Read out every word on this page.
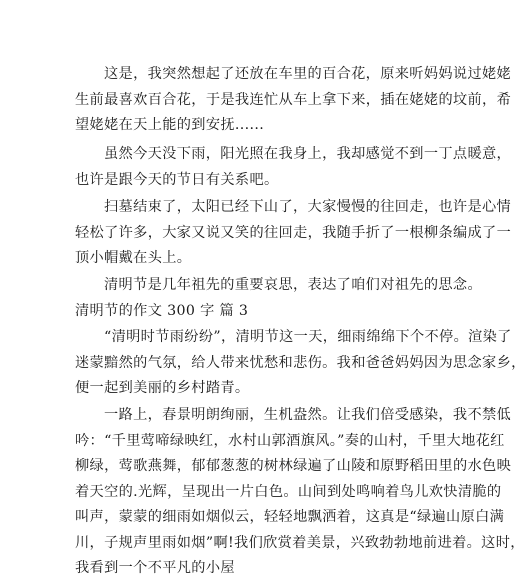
这是，我突然想起了还放在车里的百合花，原来听妈妈说过姥姥
生前最喜欢百合花，于是我连忙从车上拿下来，插在姥姥的坟前，希
望姥姥在天上能的到安抚......

虽然今天没下雨，阳光照在我身上，我却感觉不到一丁点暖意，
也许是跟今天的节日有关系吧。

扫墓结束了，太阳已经下山了，大家慢慢的往回走，也许是心情
轻松了许多，大家又说又笑的往回走，我随手折了一根柳条编成了一
顶小帽戴在头上。

清明节是几年祖先的重要哀思，表达了咱们对祖先的思念。

清明节的作文 300 字 篇 3

“清明时节雨纷纷”，清明节这一天，细雨绵绵下个不停。渲染了
迷蒙黯然的气氛，给人带来忧愁和悲伤。我和爸爸妈妈因为思念家乡，
便一起到美丽的乡村踏青。

一路上，春景明朗绚丽，生机盎然。让我们倍受感染，我不禁低
吟：“千里莺啼绿映红，水村山郭酒旗风。”奏的山村，千里大地花红
柳绿，莺歌燕舞，郁郁葱葱的树林绿遍了山陵和原野稻田里的水色映
着天空的.光辉，呈现出一片白色。山间到处鸣响着鸟儿欢快清脆的
叫声，蒙蒙的细雨如烟似云，轻轻地飘洒着，这真是“绿遍山原白满
川，子规声里雨如烟”啊!我们欣赏着美景，兴致勃勃地前进着。这时，
我看到一个不平凡的小屋
